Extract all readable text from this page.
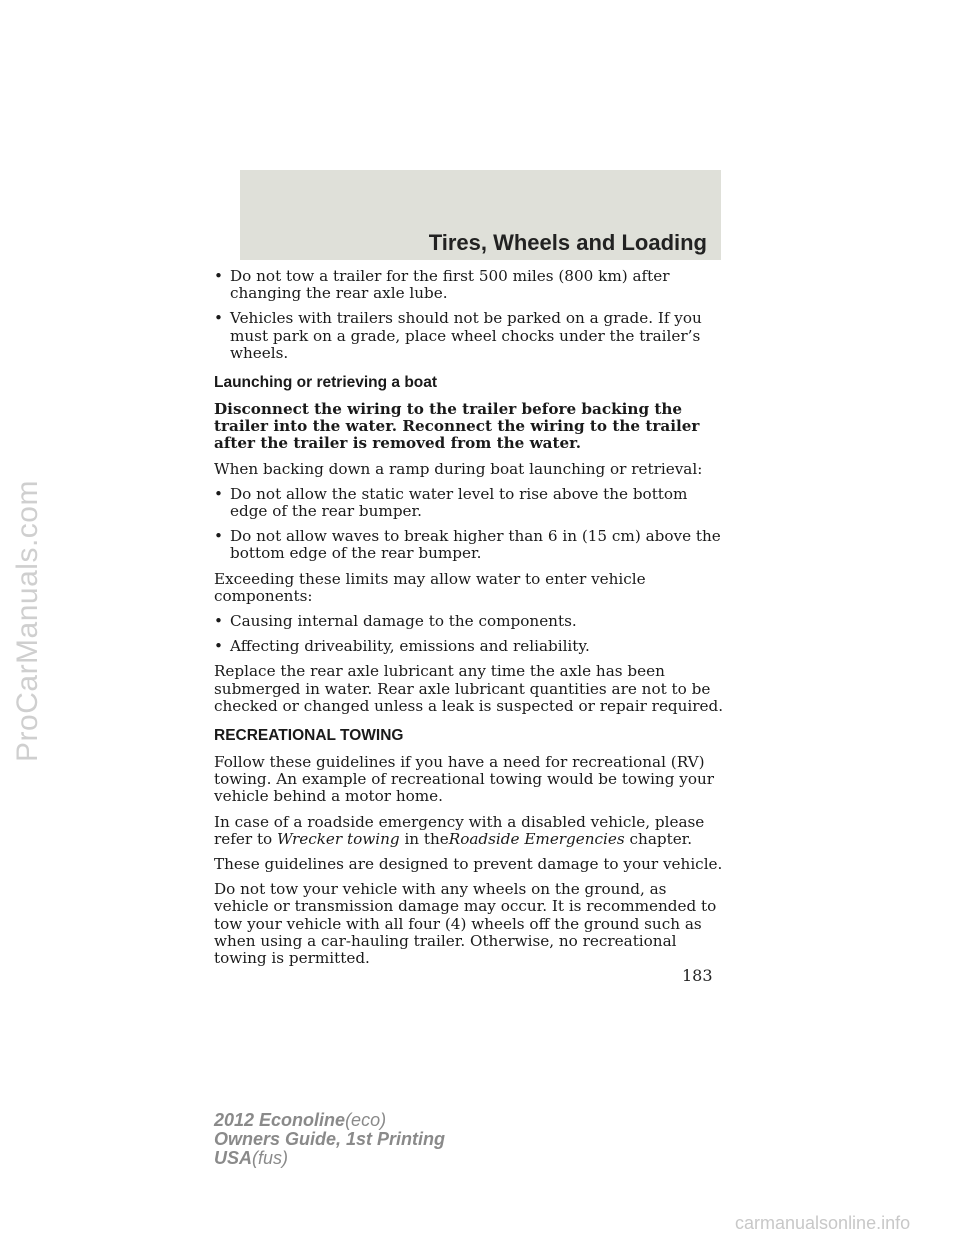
ProCarManuals.com
Tires, Wheels and Loading
• Do not tow a trailer for the first 500 miles (800 km) after changing the rear axle lube.
• Vehicles with trailers should not be parked on a grade. If you must park on a grade, place wheel chocks under the trailer’s wheels.
Launching or retrieving a boat

Disconnect the wiring to the trailer before backing the trailer into the water. Reconnect the wiring to the trailer after the trailer is removed from the water.

When backing down a ramp during boat launching or retrieval:

• Do not allow the static water level to rise above the bottom edge of the rear bumper.
• Do not allow waves to break higher than 6 in (15 cm) above the bottom edge of the rear bumper.

Exceeding these limits may allow water to enter vehicle components:

• Causing internal damage to the components.
• Affecting driveability, emissions and reliability.

Replace the rear axle lubricant any time the axle has been submerged in water. Rear axle lubricant quantities are not to be checked or changed unless a leak is suspected or repair required.

RECREATIONAL TOWING

Follow these guidelines if you have a need for recreational (RV) towing. An example of recreational towing would be towing your vehicle behind a motor home.

In case of a roadside emergency with a disabled vehicle, please refer to Wrecker towing in theRoadside Emergencies chapter.

These guidelines are designed to prevent damage to your vehicle.

Do not tow your vehicle with any wheels on the ground, as vehicle or transmission damage may occur. It is recommended to tow your vehicle with all four (4) wheels off the ground such as when using a car-hauling trailer. Otherwise, no recreational towing is permitted.

183
2012 Econoline(eco)
Owners Guide, 1st Printing
USA(fus)
carmanualsonline.info
